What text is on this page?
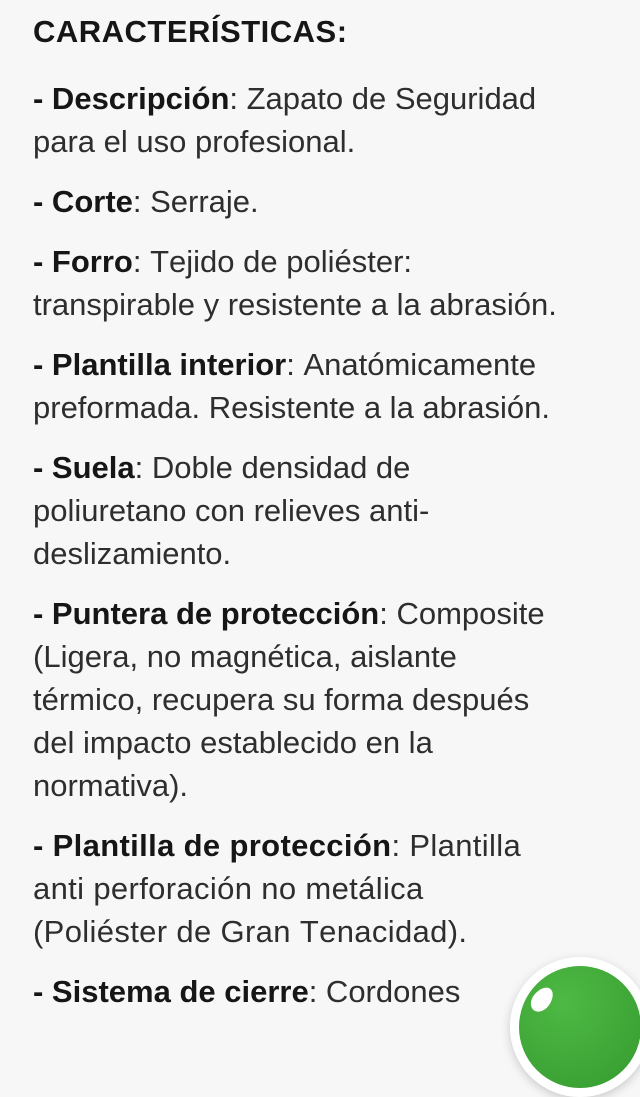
CARACTERÍSTICAS:

- Descripción: Zapato de Seguridad para el uso profesional.

- Corte: Serraje.

- Forro: Tejido de poliéster: transpirable y resistente a la abrasión.

- Plantilla interior: Anatómicamente preformada. Resistente a la abrasión.

- Suela: Doble densidad de poliuretano con relieves anti-deslizamiento.

- Puntera de protección: Composite (Ligera, no magnética, aislante térmico, recupera su forma después del impacto establecido en la normativa).

- Plantilla de protección: Plantilla anti perforación no metálica (Poliéster de Gran Tenacidad).

- Sistema de cierre: Cordones
